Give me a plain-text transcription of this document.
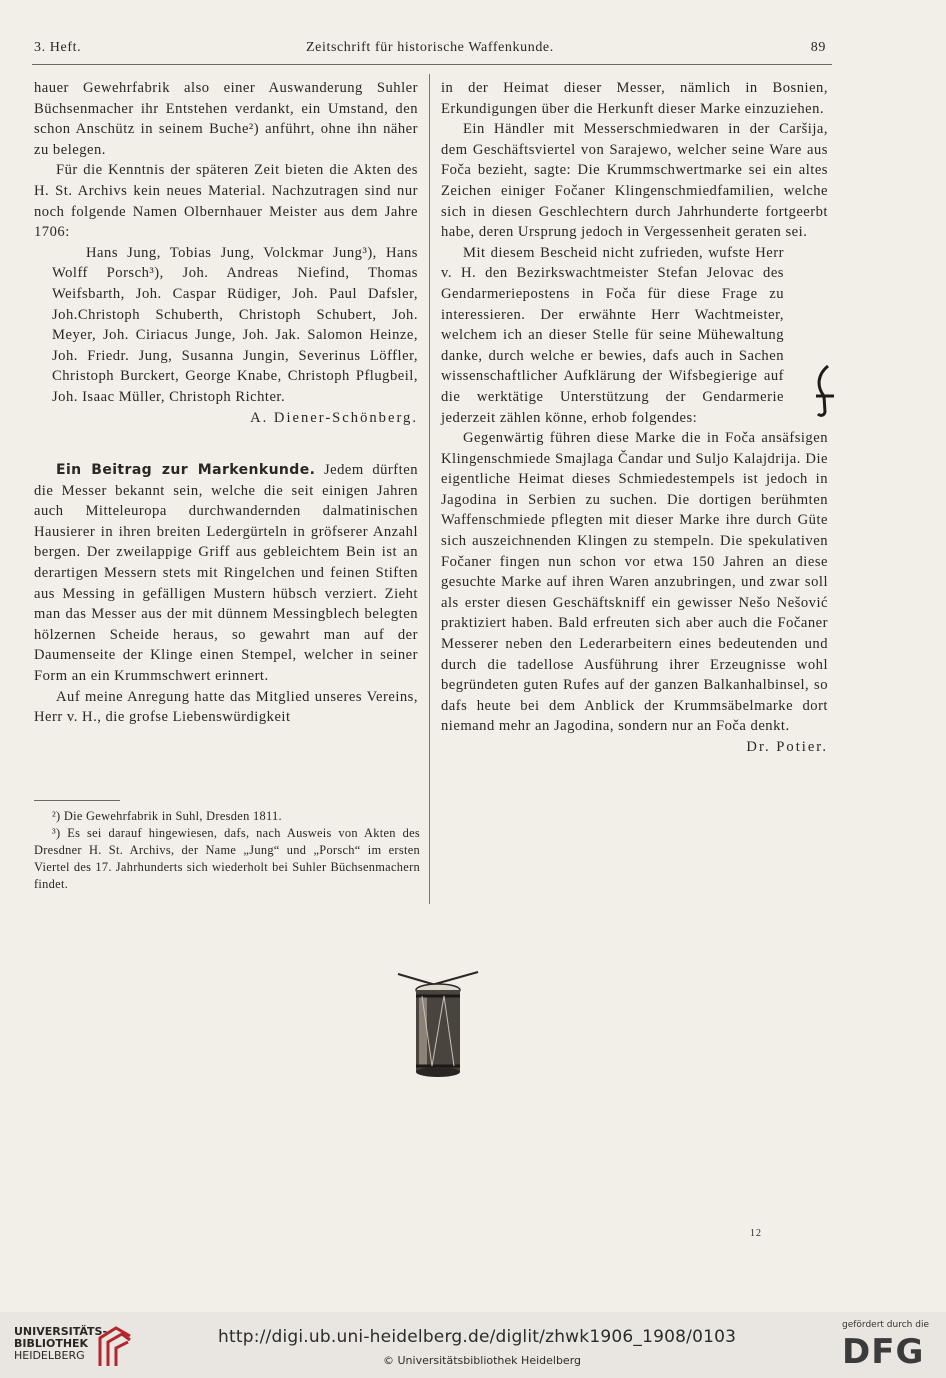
3. Heft.	Zeitschrift für historische Waffenkunde.	89

hauer Gewehrfabrik also einer Auswanderung Suhler Büchsenmacher ihr Entstehen verdankt, ein Umstand, den schon Anschütz in seinem Buche²) anführt, ohne ihn näher zu belegen.

Für die Kenntnis der späteren Zeit bieten die Akten des H. St. Archivs kein neues Material. Nachzutragen sind nur noch folgende Namen Olbernhauer Meister aus dem Jahre 1706:

Hans Jung, Tobias Jung, Volckmar Jung³), Hans Wolff Porsch³), Joh. Andreas Niefind, Thomas Weifsbarth, Joh. Caspar Rüdiger, Joh. Paul Dafsler, Joh.Christoph Schuberth, Christoph Schubert, Joh. Meyer, Joh. Ciriacus Junge, Joh. Jak. Salomon Heinze, Joh. Friedr. Jung, Susanna Jungin, Severinus Löffler, Christoph Burckert, George Knabe, Christoph Pflugbeil, Joh. Isaac Müller, Christoph Richter.

A. Diener-Schönberg.

Ein Beitrag zur Markenkunde. Jedem dürften die Messer bekannt sein, welche die seit einigen Jahren auch Mitteleuropa durchwandernden dalmatinischen Hausierer in ihren breiten Ledergürteln in gröfserer Anzahl bergen. Der zweilappige Griff aus gebleichtem Bein ist an derartigen Messern stets mit Ringelchen und feinen Stiften aus Messing in gefälligen Mustern hübsch verziert. Zieht man das Messer aus der mit dünnem Messingblech belegten hölzernen Scheide heraus, so gewahrt man auf der Daumenseite der Klinge einen Stempel, welcher in seiner Form an ein Krummschwert erinnert.

Auf meine Anregung hatte das Mitglied unseres Vereins, Herr v. H., die grofse Liebenswürdigkeit

²) Die Gewehrfabrik in Suhl, Dresden 1811.

³) Es sei darauf hingewiesen, dafs, nach Ausweis von Akten des Dresdner H. St. Archivs, der Name „Jung“ und „Porsch“ im ersten Viertel des 17. Jahrhunderts sich wiederholt bei Suhler Büchsenmachern findet.

in der Heimat dieser Messer, nämlich in Bosnien, Erkundigungen über die Herkunft dieser Marke einzuziehen.

Ein Händler mit Messerschmiedwaren in der Caršija, dem Geschäftsviertel von Sarajewo, welcher seine Ware aus Foča bezieht, sagte: Die Krummschwertmarke sei ein altes Zeichen einiger Fočaner Klingenschmiedfamilien, welche sich in diesen Geschlechtern durch Jahrhunderte fortgeerbt habe, deren Ursprung jedoch in Vergessenheit geraten sei.

Mit diesem Bescheid nicht zufrieden, wufste Herr v. H. den Bezirkswachtmeister Stefan Jelovac des Gendarmeriepostens in Foča für diese Frage zu interessieren. Der erwähnte Herr Wachtmeister, welchem ich an dieser Stelle für seine Mühewaltung danke, durch welche er bewies, dafs auch in Sachen wissenschaftlicher Aufklärung der Wifsbegierige auf die werktätige Unterstützung der Gendarmerie jederzeit zählen könne, erhob folgendes:

Gegenwärtig führen diese Marke die in Foča ansäfsigen Klingenschmiede Smajlaga Čandar und Suljo Kalajdrija. Die eigentliche Heimat dieses Schmiedestempels ist jedoch in Jagodina in Serbien zu suchen. Die dortigen berühmten Waffenschmiede pflegten mit dieser Marke ihre durch Güte sich auszeichnenden Klingen zu stempeln. Die spekulativen Fočaner fingen nun schon vor etwa 150 Jahren an diese gesuchte Marke auf ihren Waren anzubringen, und zwar soll als erster diesen Geschäftskniff ein gewisser Nešo Nešović praktiziert haben. Bald erfreuten sich aber auch die Fočaner Messerer neben den Lederarbeitern eines bedeutenden und durch die tadellose Ausführung ihrer Erzeugnisse wohl begründeten guten Rufes auf der ganzen Balkanhalbinsel, so dafs heute bei dem Anblick der Krummsäbelmarke dort niemand mehr an Jagodina, sondern nur an Foča denkt.

Dr. Potier.

12
UNIVERSITÄTS-
BIBLIOTHEK
HEIDELBERG
http://digi.ub.uni-heidelberg.de/diglit/zhwk1906_1908/0103
© Universitätsbibliothek Heidelberg
gefördert durch die
DFG
